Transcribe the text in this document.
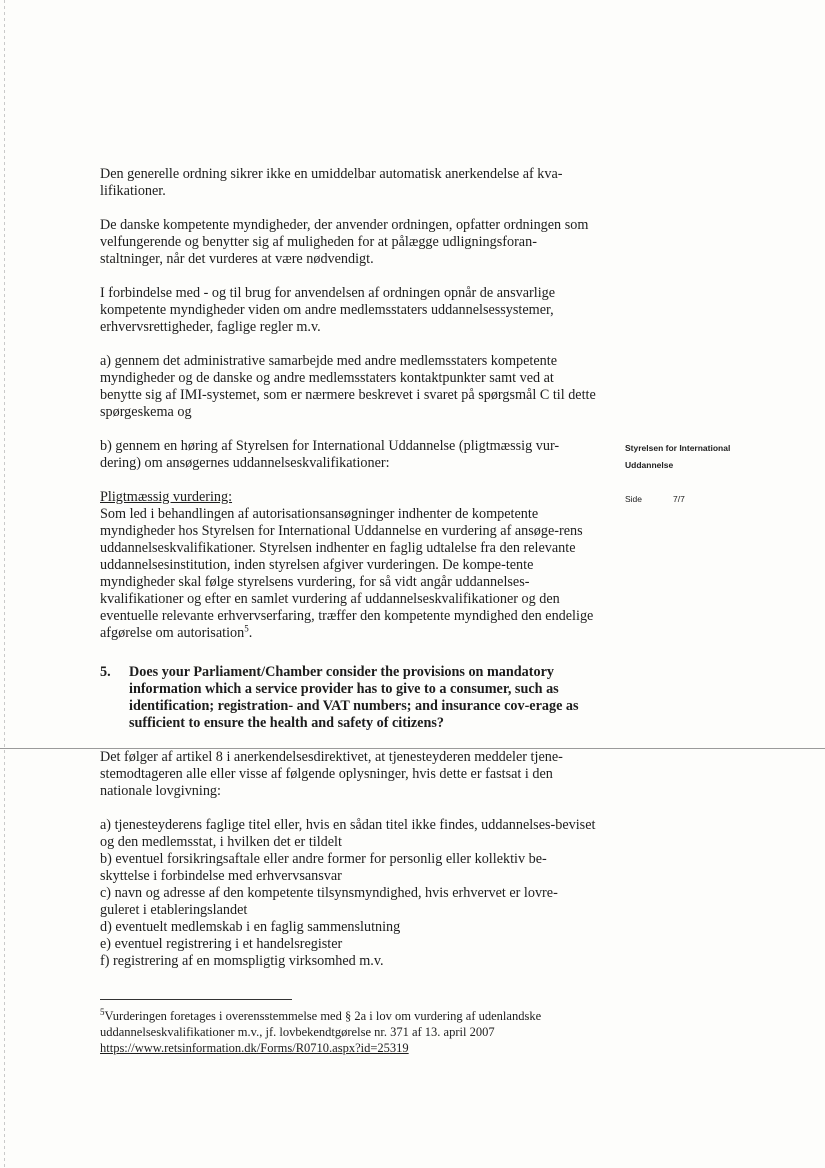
Den generelle ordning sikrer ikke en umiddelbar automatisk anerkendelse af kva-lifikationer.

De danske kompetente myndigheder, der anvender ordningen, opfatter ordningen som velfungerende og benytter sig af muligheden for at pålægge udligningsforan-staltninger, når det vurderes at være nødvendigt.

I forbindelse med - og til brug for anvendelsen af ordningen opnår de ansvarlige kompetente myndigheder viden om andre medlemsstaters uddannelsessystemer, erhvervsrettigheder, faglige regler m.v.

a) gennem det administrative samarbejde med andre medlemsstaters kompetente myndigheder og de danske og andre medlemsstaters kontaktpunkter samt ved at benytte sig af IMI-systemet, som er nærmere beskrevet i svaret på spørgsmål C til dette spørgeskema og

b) gennem en høring af Styrelsen for International Uddannelse (pligtmæssig vur-dering) om ansøgernes uddannelseskvalifikationer:

Pligtmæssig vurdering:

Som led i behandlingen af autorisationsansøgninger indhenter de kompetente myndigheder hos Styrelsen for International Uddannelse en vurdering af ansøge-rens uddannelseskvalifikationer. Styrelsen indhenter en faglig udtalelse fra den relevante uddannelsesinstitution, inden styrelsen afgiver vurderingen. De kompe-tente myndigheder skal følge styrelsens vurdering, for så vidt angår uddannelses-kvalifikationer og efter en samlet vurdering af uddannelseskvalifikationer og den eventuelle relevante erhvervserfaring, træffer den kompetente myndighed den endelige afgørelse om autorisation$^5$.

5.	Does your Parliament/Chamber consider the provisions on mandatory information which a service provider has to give to a consumer, such as identification; registration- and VAT numbers; and insurance cov-erage as sufficient to ensure the health and safety of citizens?

Det følger af artikel 8 i anerkendelsesdirektivet, at tjenesteyderen meddeler tjene-stemodtageren alle eller visse af følgende oplysninger, hvis dette er fastsat i den nationale lovgivning:

a) tjenesteyderens faglige titel eller, hvis en sådan titel ikke findes, uddannelses-beviset og den medlemsstat, i hvilken det er tildelt

b) eventuel forsikringsaftale eller andre former for personlig eller kollektiv be-skyttelse i forbindelse med erhvervsansvar

c) navn og adresse af den kompetente tilsynsmyndighed, hvis erhvervet er lovre-guleret i etableringslandet

d) eventuelt medlemskab i en faglig sammenslutning

e) eventuel registrering i et handelsregister

f) registrering af en momspligtig virksomhed m.v.

Styrelsen for International
Uddannelse
Side	7/7

$^5$Vurderingen foretages i overensstemmelse med § 2a i lov om vurdering af udenlandske uddannelseskvalifikationer m.v., jf. lovbekendtgørelse nr. 371 af 13. april 2007

https://www.retsinformation.dk/Forms/R0710.aspx?id=25319
